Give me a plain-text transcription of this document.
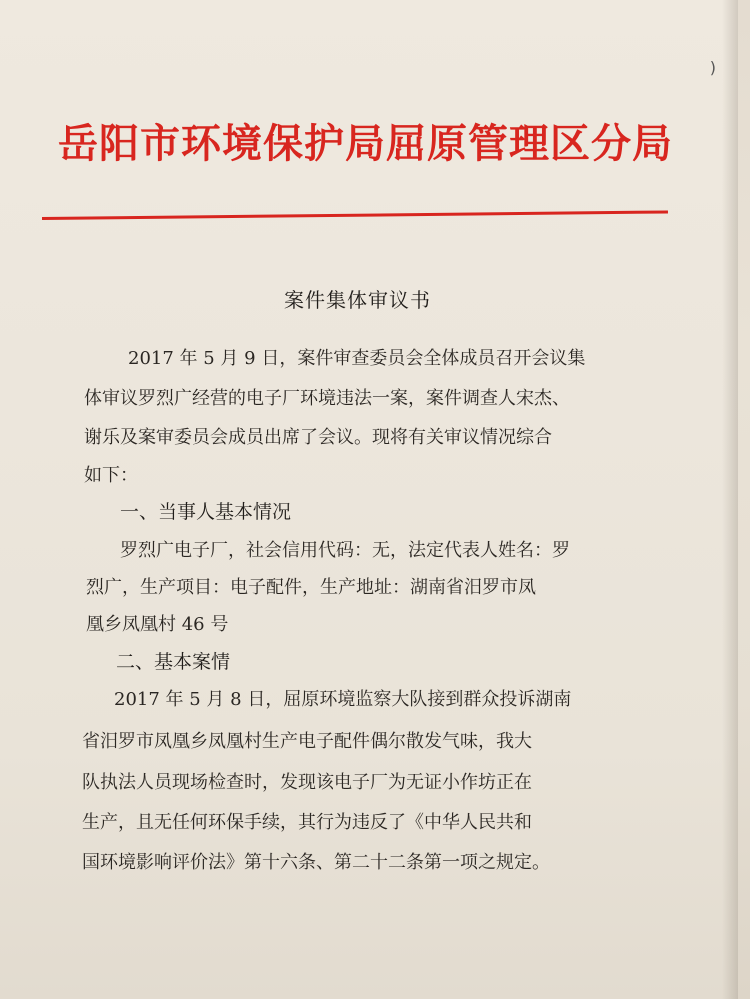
)
岳阳市环境保护局屈原管理区分局
案件集体审议书
2017 年 5 月 9 日，案件审查委员会全体成员召开会议集
体审议罗烈广经营的电子厂环境违法一案，案件调查人宋杰、
谢乐及案审委员会成员出席了会议。现将有关审议情况综合
如下：
一、当事人基本情况
罗烈广电子厂，社会信用代码：无，法定代表人姓名：罗
烈广，生产项目：电子配件，生产地址：湖南省汨罗市凤
凰乡凤凰村 46 号
二、基本案情
2017 年 5 月 8 日，屈原环境监察大队接到群众投诉湖南
省汨罗市凤凰乡凤凰村生产电子配件偶尔散发气味，我大
队执法人员现场检查时，发现该电子厂为无证小作坊正在
生产，且无任何环保手续，其行为违反了《中华人民共和
国环境影响评价法》第十六条、第二十二条第一项之规定。
